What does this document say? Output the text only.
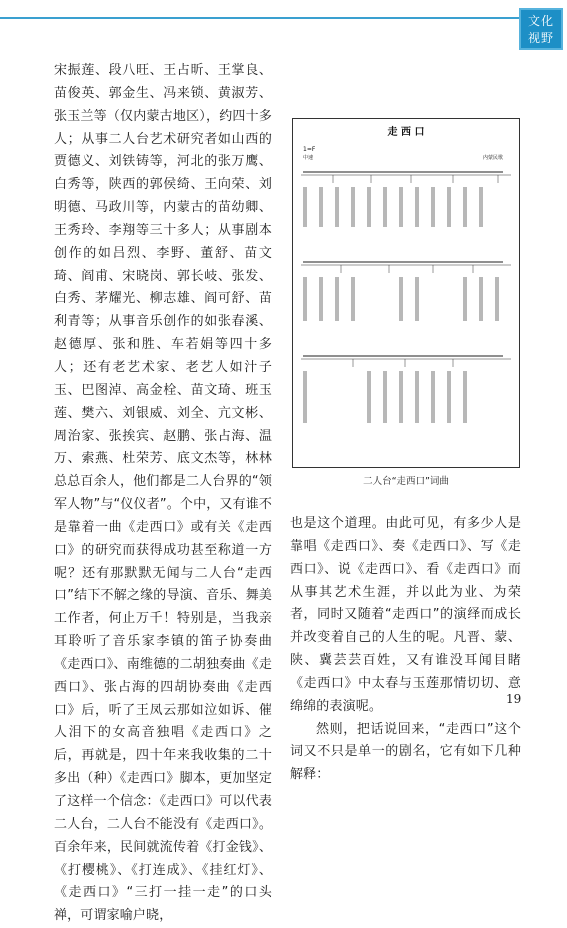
文化
视野

宋振莲、段八旺、王占昕、王掌良、苗俊英、郭金生、冯来锁、黄淑芳、张玉兰等（仅内蒙古地区），约四十多人；从事二人台艺术研究者如山西的贾德义、刘铁铸等，河北的张万鹰、白秀等，陕西的郭侯绮、王向荣、刘明德、马政川等，内蒙古的苗幼卿、王秀玲、李翔等三十多人；从事剧本创作的如吕烈、李野、董舒、苗文琦、阎甫、宋晓岗、郭长岐、张发、白秀、茅耀光、柳志雄、阎可舒、苗利青等；从事音乐创作的如张春溪、赵德厚、张和胜、车若娟等四十多人；还有老艺术家、老艺人如汁子玉、巴图淖、高金栓、苗文琦、班玉莲、樊六、刘银威、刘全、亢文彬、周治家、张挨宾、赵鹏、张占海、温万、索燕、杜荣芳、底文杰等，林林总总百余人，他们都是二人台界的“领军人物”与“仪仪者”。个中，又有谁不是靠着一曲《走西口》或有关《走西口》的研究而获得成功甚至称道一方呢？还有那默默无闻与二人台“走西口”结下不解之缘的导演、音乐、舞美工作者，何止万千！特别是，当我亲耳聆听了音乐家李镇的笛子协奏曲《走西口》、南维德的二胡独奏曲《走西口》、张占海的四胡协奏曲《走西口》后，听了王凤云那如泣如诉、催人泪下的女高音独唱《走西口》之后，再就是，四十年来我收集的二十多出（种）《走西口》脚本，更加坚定了这样一个信念：《走西口》可以代表二人台，二人台不能没有《走西口》。百余年来，民间就流传着《打金钱》、《打樱桃》、《打连成》、《挂红灯》、《走西口》“三打一挂一走”的口头禅，可谓家喻户晓，

走 西 口
1=F
中速	内蒙民歌
二人台“走西口”词曲

也是这个道理。由此可见，有多少人是靠唱《走西口》、奏《走西口》、写《走西口》、说《走西口》、看《走西口》而从事其艺术生涯，并以此为业、为荣者，同时又随着“走西口”的演绎而成长并改变着自己的人生的呢。凡晋、蒙、陕、冀芸芸百姓，又有谁没耳闻目睹《走西口》中太春与玉莲那情切切、意绵绵的表演呢。

然则，把话说回来，“走西口”这个词又不只是单一的剧名，它有如下几种解释：

19
